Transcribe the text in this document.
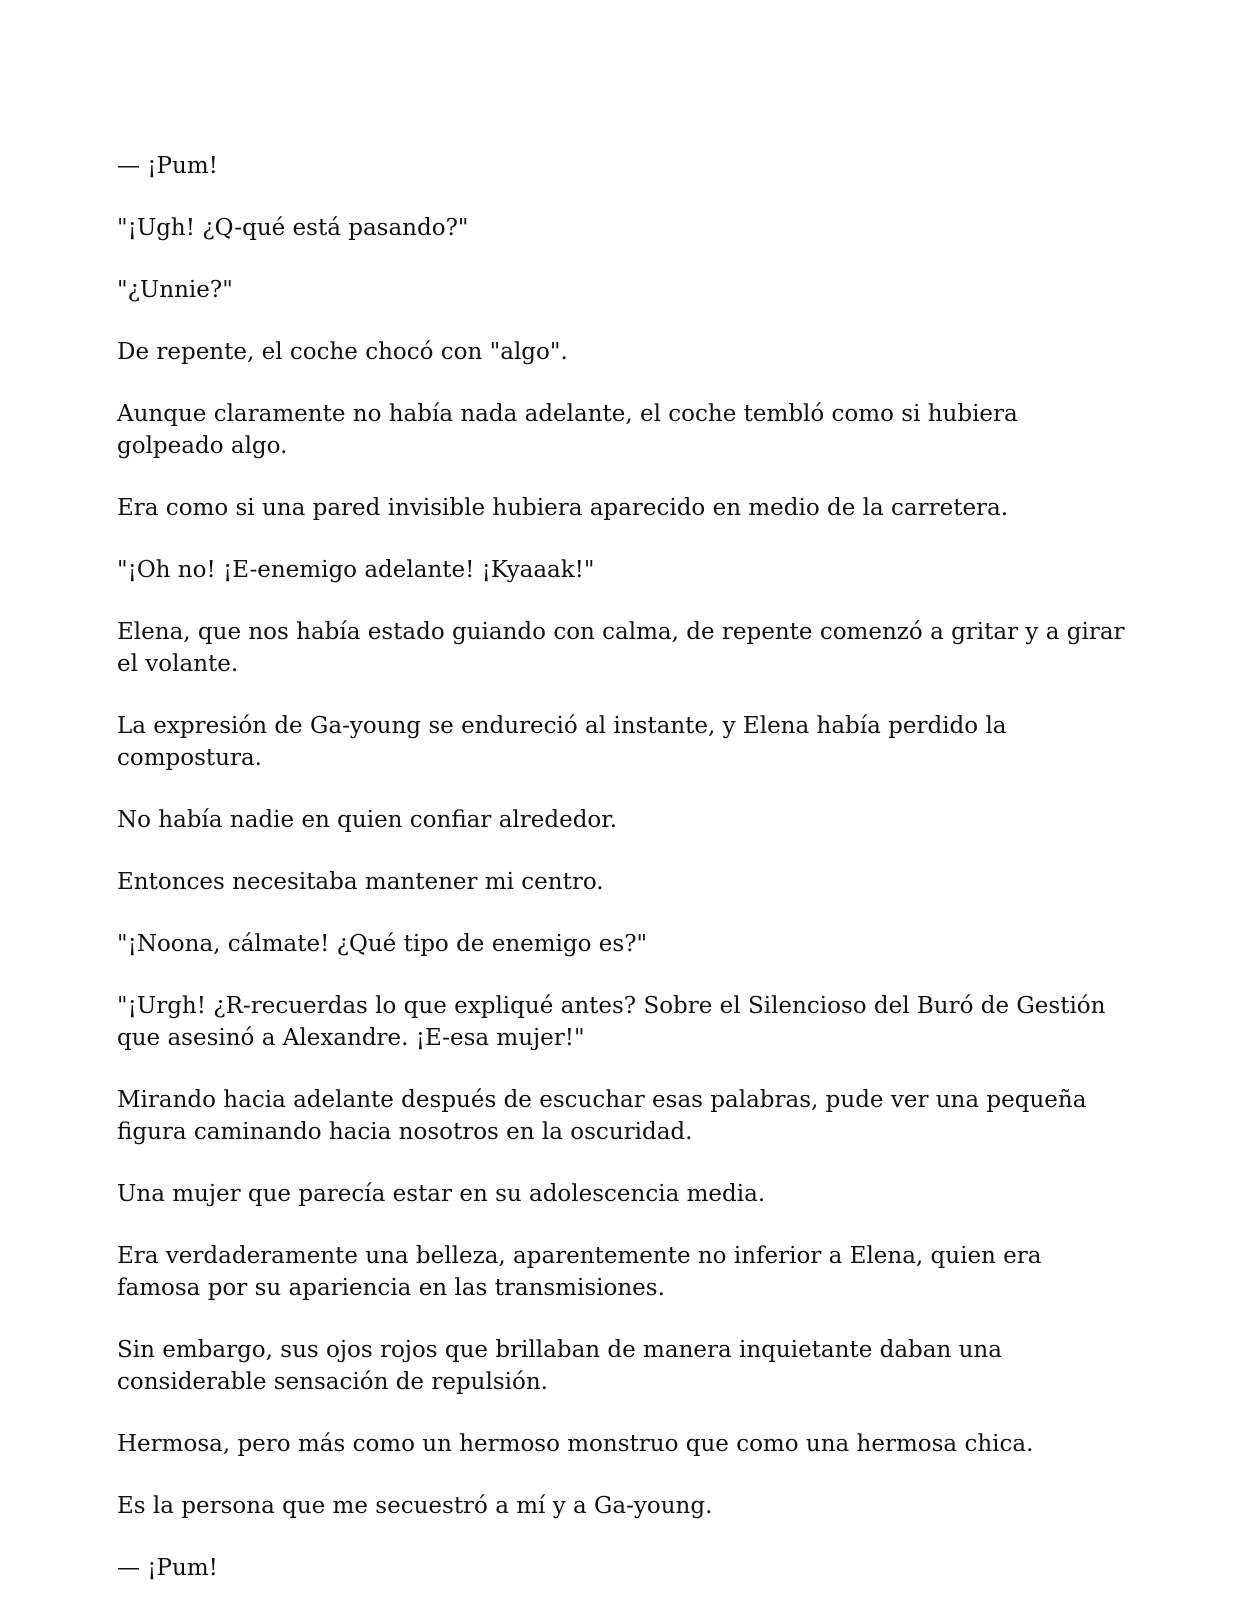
— ¡Pum!

"¡Ugh! ¿Q-qué está pasando?"

"¿Unnie?"

De repente, el coche chocó con "algo".

Aunque claramente no había nada adelante, el coche tembló como si hubiera golpeado algo.

Era como si una pared invisible hubiera aparecido en medio de la carretera.

"¡Oh no! ¡E-enemigo adelante! ¡Kyaaak!"

Elena, que nos había estado guiando con calma, de repente comenzó a gritar y a girar el volante.

La expresión de Ga-young se endureció al instante, y Elena había perdido la compostura.

No había nadie en quien confiar alrededor.

Entonces necesitaba mantener mi centro.

"¡Noona, cálmate! ¿Qué tipo de enemigo es?"

"¡Urgh! ¿R-recuerdas lo que expliqué antes? Sobre el Silencioso del Buró de Gestión que asesinó a Alexandre. ¡E-esa mujer!"

Mirando hacia adelante después de escuchar esas palabras, pude ver una pequeña figura caminando hacia nosotros en la oscuridad.

Una mujer que parecía estar en su adolescencia media.

Era verdaderamente una belleza, aparentemente no inferior a Elena, quien era famosa por su apariencia en las transmisiones.

Sin embargo, sus ojos rojos que brillaban de manera inquietante daban una considerable sensación de repulsión.

Hermosa, pero más como un hermoso monstruo que como una hermosa chica.

Es la persona que me secuestró a mí y a Ga-young.

— ¡Pum!
